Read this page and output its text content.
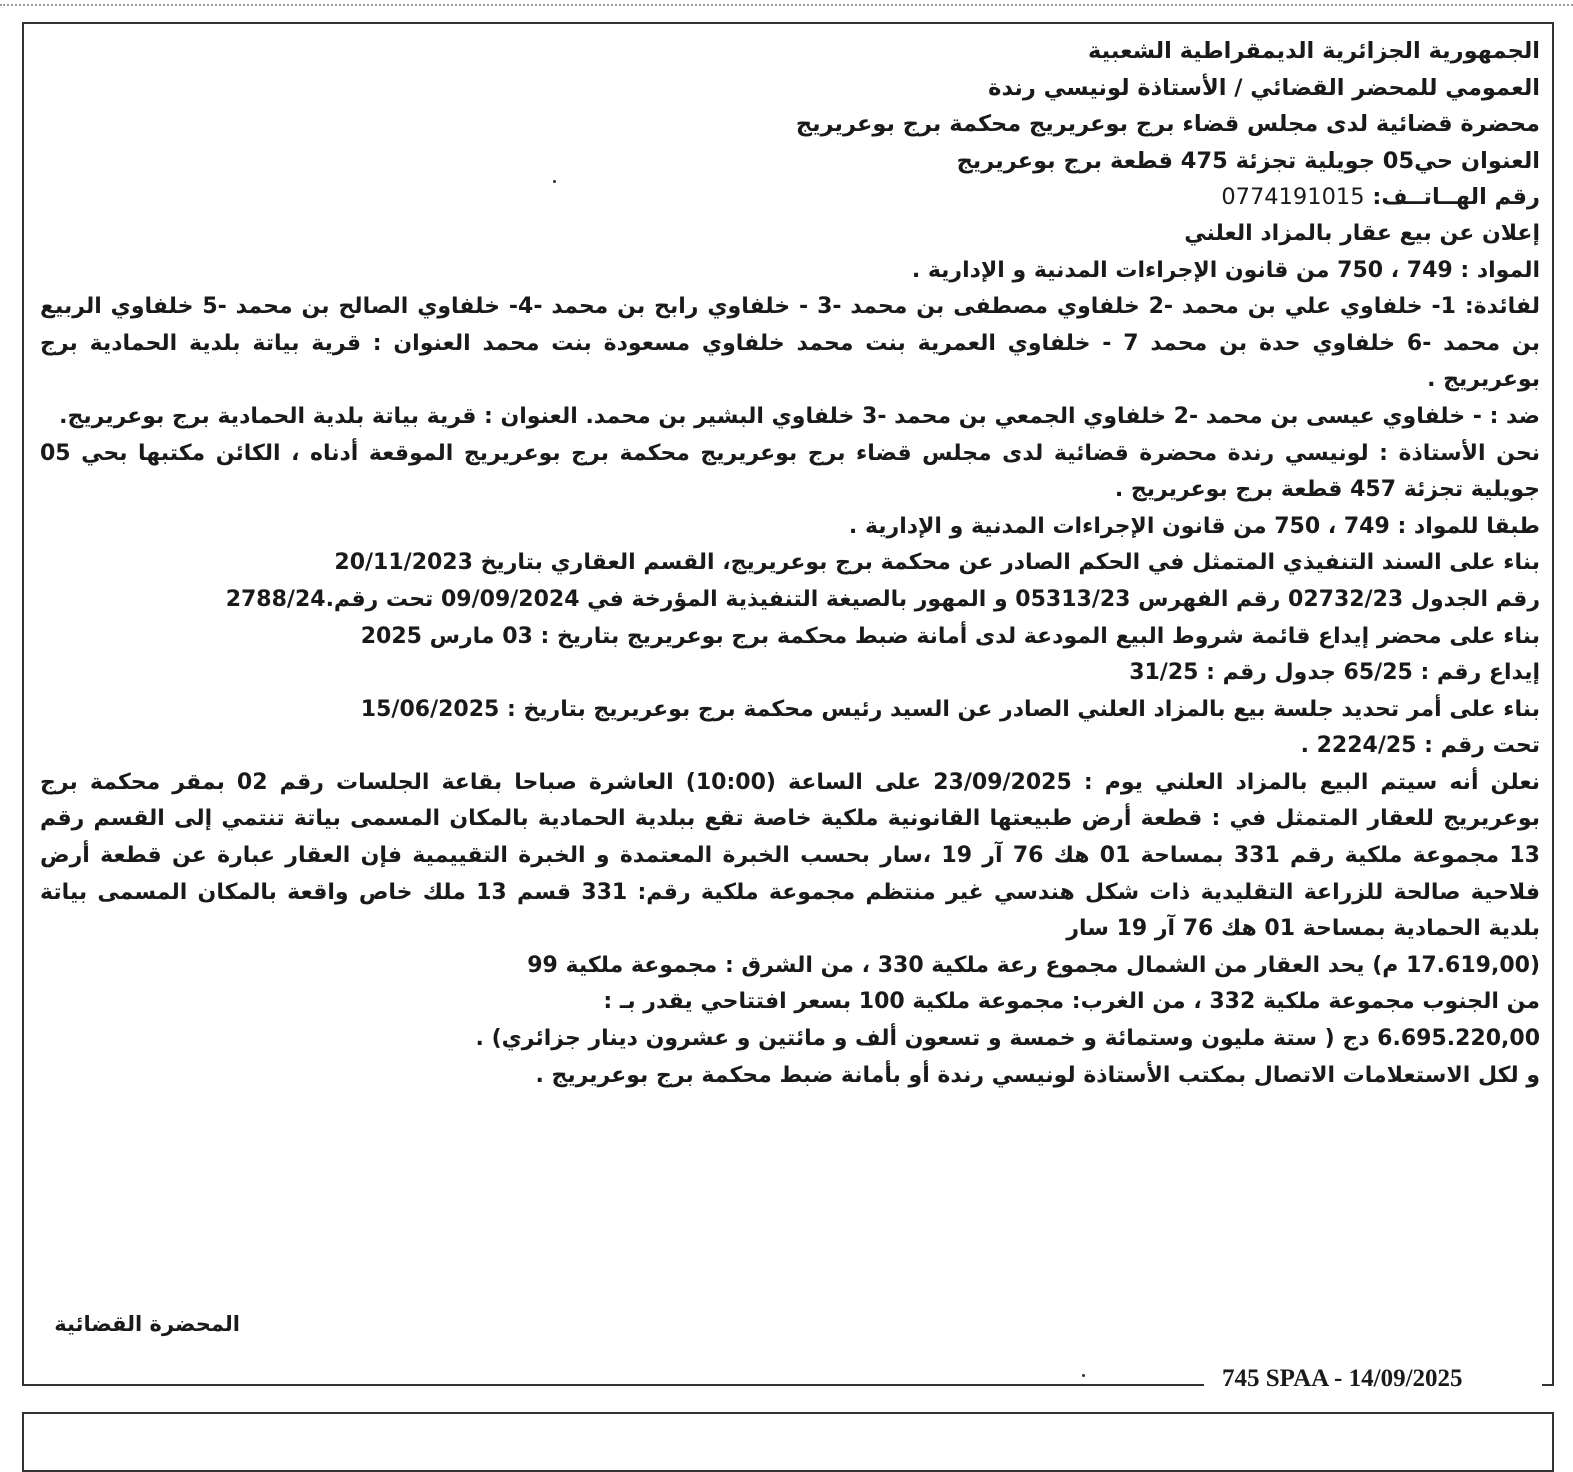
الجمهورية الجزائرية الديمقراطية الشعبية

العمومي للمحضر القضائي / الأستاذة لونيسي رندة

محضرة قضائية لدى مجلس قضاء برج بوعريريج محكمة برج بوعريريج

العنوان حي05 جويلية تجزئة 475 قطعة برج بوعريريج

رقم الهــاتــف: 0774191015

إعلان عن بيع عقار بالمزاد العلني

المواد : 749 ، 750 من قانون الإجراءات المدنية و الإدارية .

لفائدة: 1- خلفاوي علي بن محمد -2 خلفاوي مصطفى بن محمد -3 - خلفاوي رابح بن محمد -4- خلفاوي الصالح بن محمد -5 خلفاوي الربيع بن محمد -6 خلفاوي حدة بن محمد 7 - خلفاوي العمرية بنت محمد خلفاوي مسعودة بنت محمد العنوان : قرية بياتة بلدية الحمادية برج بوعريريج .

ضد : - خلفاوي عيسى بن محمد -2 خلفاوي الجمعي بن محمد -3 خلفاوي البشير بن محمد. العنوان : قرية بياتة بلدية الحمادية برج بوعريريج.

نحن الأستاذة : لونيسي رندة محضرة قضائية لدى مجلس قضاء برج بوعريريج محكمة برج بوعريريج الموقعة أدناه ، الكائن مكتبها بحي 05 جويلية تجزئة 457 قطعة برج بوعريريج .

طبقا للمواد : 749 ، 750 من قانون الإجراءات المدنية و الإدارية .

بناء على السند التنفيذي المتمثل في الحكم الصادر عن محكمة برج بوعريريج، القسم العقاري بتاريخ 20/11/2023

رقم الجدول 02732/23 رقم الفهرس 05313/23 و المهور بالصيغة التنفيذية المؤرخة في 09/09/2024 تحت رقم.2788/24

بناء على محضر إيداع قائمة شروط البيع المودعة لدى أمانة ضبط محكمة برج بوعريريج بتاريخ : 03 مارس 2025

إيداع رقم : 65/25 جدول رقم : 31/25

بناء على أمر تحديد جلسة بيع بالمزاد العلني الصادر عن السيد رئيس محكمة برج بوعريريج بتاريخ : 15/06/2025

تحت رقم : 2224/25 .

نعلن أنه سيتم البيع بالمزاد العلني يوم : 23/09/2025 على الساعة (10:00) العاشرة صباحا بقاعة الجلسات رقم 02 بمقر محكمة برج بوعريريج للعقار المتمثل في : قطعة أرض طبيعتها القانونية ملكية خاصة تقع ببلدية الحمادية بالمكان المسمى بياتة تنتمي إلى القسم رقم 13 مجموعة ملكية رقم 331 بمساحة 01 هك 76 آر 19 ،سار بحسب الخبرة المعتمدة و الخبرة التقييمية فإن العقار عبارة عن قطعة أرض فلاحية صالحة للزراعة التقليدية ذات شكل هندسي غير منتظم مجموعة ملكية رقم: 331 قسم 13 ملك خاص واقعة بالمكان المسمى بياتة بلدية الحمادية بمساحة 01 هك 76 آر 19 سار

(17.619,00 م) يحد العقار من الشمال مجموع رعة ملكية 330 ، من الشرق : مجموعة ملكية 99

من الجنوب مجموعة ملكية 332 ، من الغرب: مجموعة ملكية 100 بسعر افتتاحي يقدر بـ :

6.695.220,00 دج ( ستة مليون وستمائة و خمسة و تسعون ألف و مائتين و عشرون دينار جزائري) .

و لكل الاستعلامات الاتصال بمكتب الأستاذة لونيسي رندة أو بأمانة ضبط محكمة برج بوعريريج .

المحضرة القضائية
745 SPAA - 14/09/2025
